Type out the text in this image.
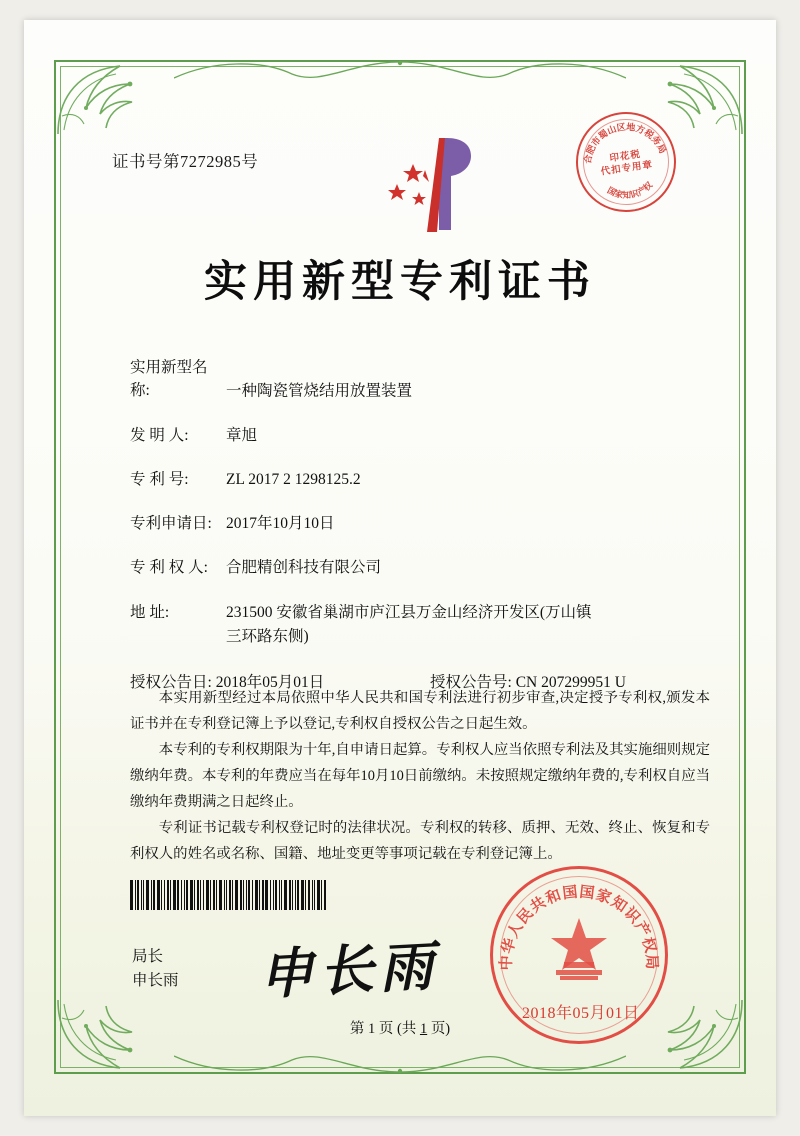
证书号第7272985号	合肥市蜀山区地方税务局
国家知识产权
印花税
代扣专用章
实用新型专利证书
实用新型名称:	一种陶瓷管烧结用放置装置
发 明 人: 章旭
专 利 号: ZL 2017 2 1298125.2
专利申请日: 2017年10月10日
专 利 权 人: 合肥精创科技有限公司
地 址:	231500 安徽省巢湖市庐江县万金山经济开发区(万山镇
三环路东侧)
授权公告日: 2018年05月01日	授权公告号: CN 207299951 U

本实用新型经过本局依照中华人民共和国专利法进行初步审查,决定授予专利权,颁发本证书并在专利登记簿上予以登记,专利权自授权公告之日起生效。

本专利的专利权期限为十年,自申请日起算。专利权人应当依照专利法及其实施细则规定缴纳年费。本专利的年费应当在每年10月10日前缴纳。未按照规定缴纳年费的,专利权自应当缴纳年费期满之日起终止。

专利证书记载专利权登记时的法律状况。专利权的转移、质押、无效、终止、恢复和专利权人的姓名或名称、国籍、地址变更等事项记载在专利登记簿上。

局长
申长雨 申长雨	中华人民共和国国家知识产权局
2018年05月01日
第 1 页 (共 1 页)
